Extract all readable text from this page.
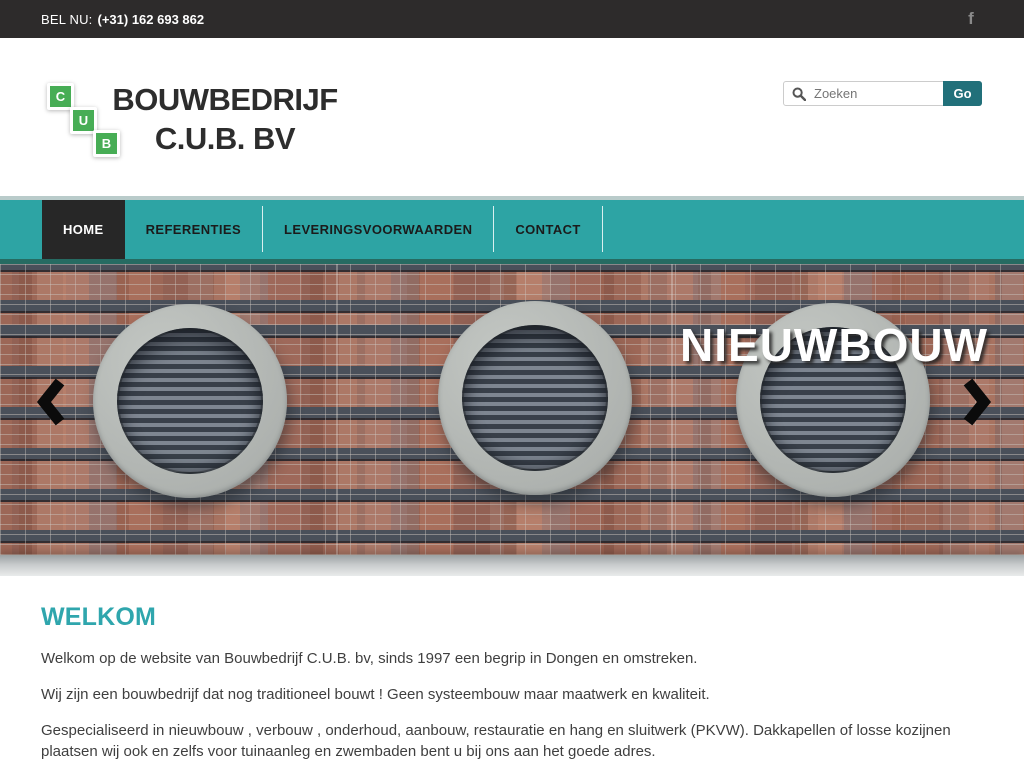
BEL NU: (+31) 162 693 862	f
C
U
B
BOUWBEDRIJF
C.U.B. BV
Zoeken
Go
HOME	REFERENTIES	LEVERINGSVOORWAARDEN	CONTACT
NIEUWBOUW
WELKOM

Welkom op de website van Bouwbedrijf C.U.B. bv, sinds 1997 een begrip in Dongen en omstreken.

Wij zijn een bouwbedrijf dat nog traditioneel bouwt ! Geen systeembouw maar maatwerk en kwaliteit.

Gespecialiseerd in nieuwbouw , verbouw , onderhoud, aanbouw, restauratie en hang en sluitwerk (PKVW). Dakkapellen of losse kozijnen plaatsen wij ook en zelfs voor tuinaanleg en zwembaden bent u bij ons aan het goede adres.
